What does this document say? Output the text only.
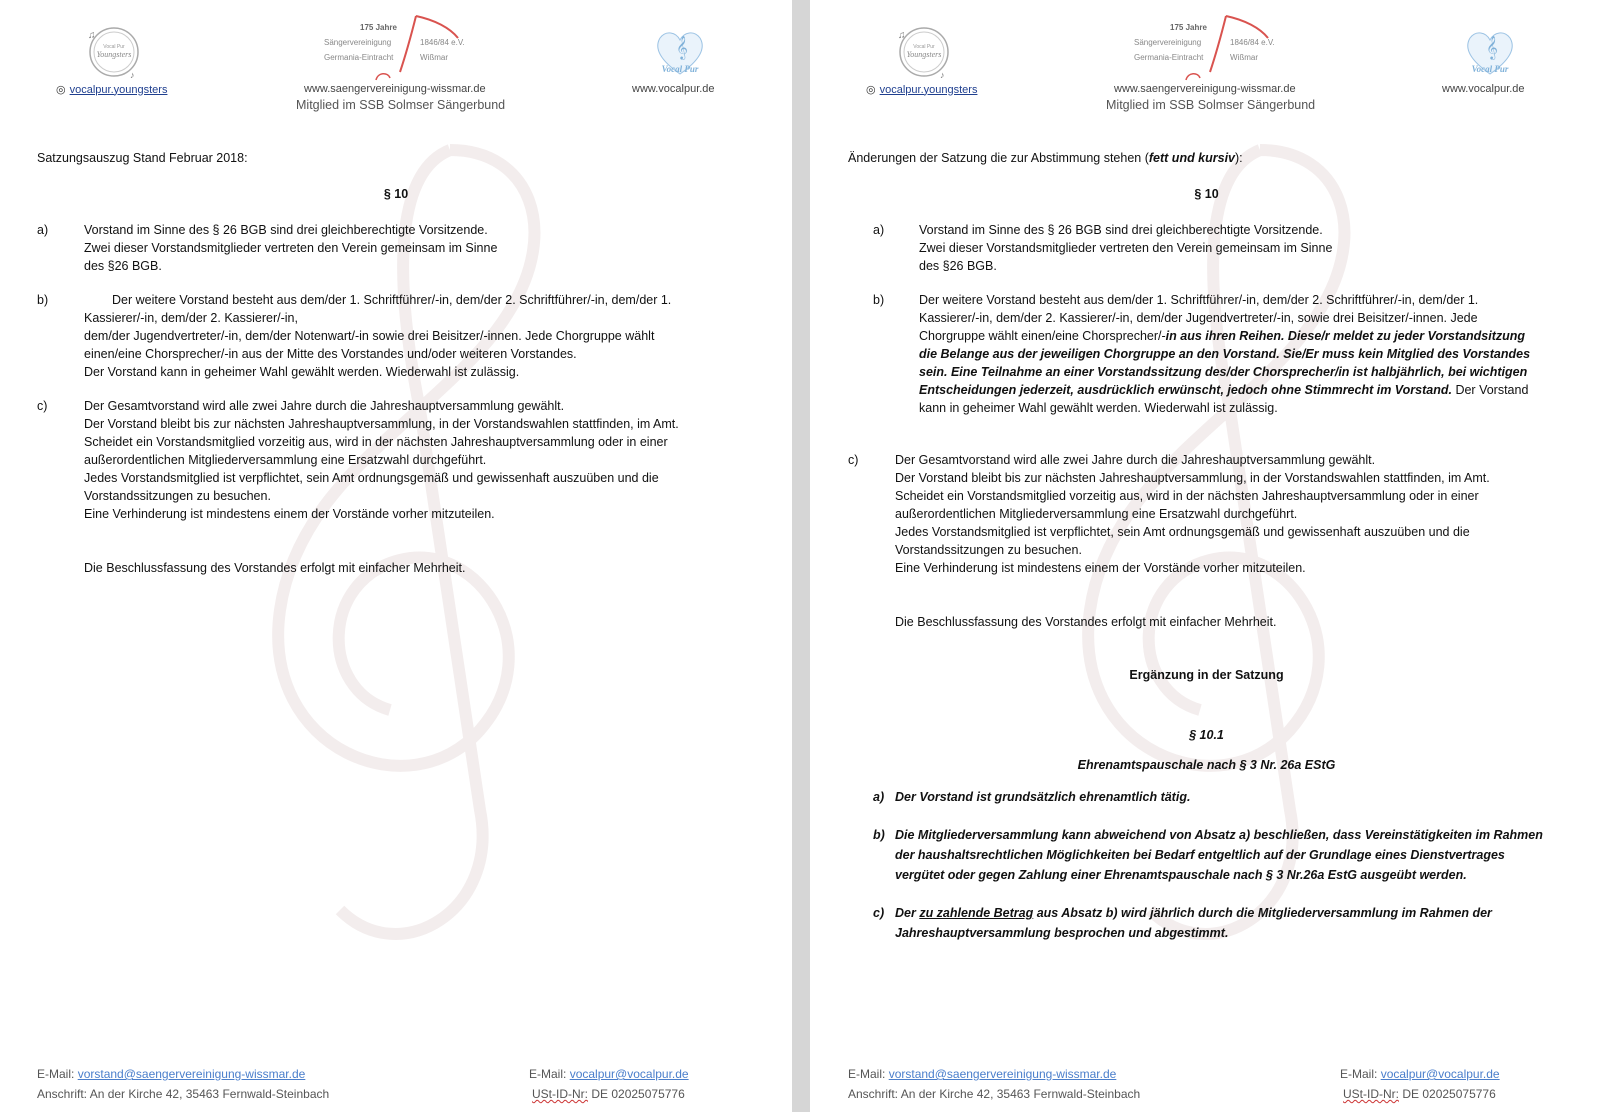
Vocal Pur
Youngsters
♫
♪
175 Jahre
Sängervereinigung
Germania-Eintracht
1846/84 e.V.
Wißmar	𝄞
Vocal Pur
◎ vocalpur.youngsters	www.saengervereinigung-wissmar.de
Mitglied im SSB Solmser Sängerbund
www.vocalpur.de
Satzungsauszug Stand Februar 2018:
§ 10
a)	Vorstand im Sinne des § 26 BGB sind drei gleichberechtigte Vorsitzende.
Zwei dieser Vorstandsmitglieder vertreten den Verein gemeinsam im Sinne
des §26 BGB.
b)	Der weitere Vorstand besteht aus dem/der 1. Schriftführer/-in, dem/der 2. Schriftführer/-in, dem/der 1.
Kassierer/-in, dem/der 2. Kassierer/-in,
dem/der Jugendvertreter/-in, dem/der Notenwart/-in sowie drei Beisitzer/-innen. Jede Chorgruppe wählt
einen/eine Chorsprecher/-in aus der Mitte des Vorstandes und/oder weiteren Vorstandes.
Der Vorstand kann in geheimer Wahl gewählt werden. Wiederwahl ist zulässig.
c)	Der Gesamtvorstand wird alle zwei Jahre durch die Jahreshauptversammlung gewählt.
Der Vorstand bleibt bis zur nächsten Jahreshauptversammlung, in der Vorstandswahlen stattfinden, im Amt.
Scheidet ein Vorstandsmitglied vorzeitig aus, wird in der nächsten Jahreshauptversammlung oder in einer
außerordentlichen Mitgliederversammlung eine Ersatzwahl durchgeführt.
Jedes Vorstandsmitglied ist verpflichtet, sein Amt ordnungsgemäß und gewissenhaft auszuüben und die
Vorstandssitzungen zu besuchen.
Eine Verhinderung ist mindestens einem der Vorstände vorher mitzuteilen.
Die Beschlussfassung des Vorstandes erfolgt mit einfacher Mehrheit.
E-Mail: vorstand@saengervereinigung-wissmar.de
Anschrift: An der Kirche 42, 35463 Fernwald-Steinbach
E-Mail: vocalpur@vocalpur.de
USt-ID-Nr: DE 02025075776
Vocal Pur
Youngsters
♫
♪
175 Jahre
Sängervereinigung
Germania-Eintracht
1846/84 e.V.
Wißmar	𝄞
Vocal Pur
◎ vocalpur.youngsters	www.saengervereinigung-wissmar.de
Mitglied im SSB Solmser Sängerbund
www.vocalpur.de
Änderungen der Satzung die zur Abstimmung stehen (fett und kursiv):
§ 10
a)	Vorstand im Sinne des § 26 BGB sind drei gleichberechtigte Vorsitzende.
Zwei dieser Vorstandsmitglieder vertreten den Verein gemeinsam im Sinne
des §26 BGB.
b)	Der weitere Vorstand besteht aus dem/der 1. Schriftführer/-in, dem/der 2. Schriftführer/-in, dem/der 1.
Kassierer/-in, dem/der 2. Kassierer/-in, dem/der Jugendvertreter/-in, sowie drei Beisitzer/-innen. Jede
Chorgruppe wählt einen/eine Chorsprecher/-in aus ihren Reihen. Diese/r meldet zu jeder Vorstandsitzung
die Belange aus der jeweiligen Chorgruppe an den Vorstand. Sie/Er muss kein Mitglied des Vorstandes
sein. Eine Teilnahme an einer Vorstandssitzung des/der Chorsprecher/in ist halbjährlich, bei wichtigen
Entscheidungen jederzeit, ausdrücklich erwünscht, jedoch ohne Stimmrecht im Vorstand. Der Vorstand
kann in geheimer Wahl gewählt werden. Wiederwahl ist zulässig.
c)	Der Gesamtvorstand wird alle zwei Jahre durch die Jahreshauptversammlung gewählt.
Der Vorstand bleibt bis zur nächsten Jahreshauptversammlung, in der Vorstandswahlen stattfinden, im Amt.
Scheidet ein Vorstandsmitglied vorzeitig aus, wird in der nächsten Jahreshauptversammlung oder in einer
außerordentlichen Mitgliederversammlung eine Ersatzwahl durchgeführt.
Jedes Vorstandsmitglied ist verpflichtet, sein Amt ordnungsgemäß und gewissenhaft auszuüben und die
Vorstandssitzungen zu besuchen.
Eine Verhinderung ist mindestens einem der Vorstände vorher mitzuteilen.
Die Beschlussfassung des Vorstandes erfolgt mit einfacher Mehrheit.
Ergänzung in der Satzung
§ 10.1
Ehrenamtspauschale nach § 3 Nr. 26a EStG
a) Der Vorstand ist grundsätzlich ehrenamtlich tätig.
b) Die Mitgliederversammlung kann abweichend von Absatz a) beschließen, dass Vereinstätigkeiten im Rahmen
der haushaltsrechtlichen Möglichkeiten bei Bedarf entgeltlich auf der Grundlage eines Dienstvertrages
vergütet oder gegen Zahlung einer Ehrenamtspauschale nach § 3 Nr.26a EstG ausgeübt werden.
c) Der zu zahlende Betrag aus Absatz b) wird jährlich durch die Mitgliederversammlung im Rahmen der
Jahreshauptversammlung besprochen und abgestimmt.
E-Mail: vorstand@saengervereinigung-wissmar.de
Anschrift: An der Kirche 42, 35463 Fernwald-Steinbach
E-Mail: vocalpur@vocalpur.de
USt-ID-Nr: DE 02025075776
